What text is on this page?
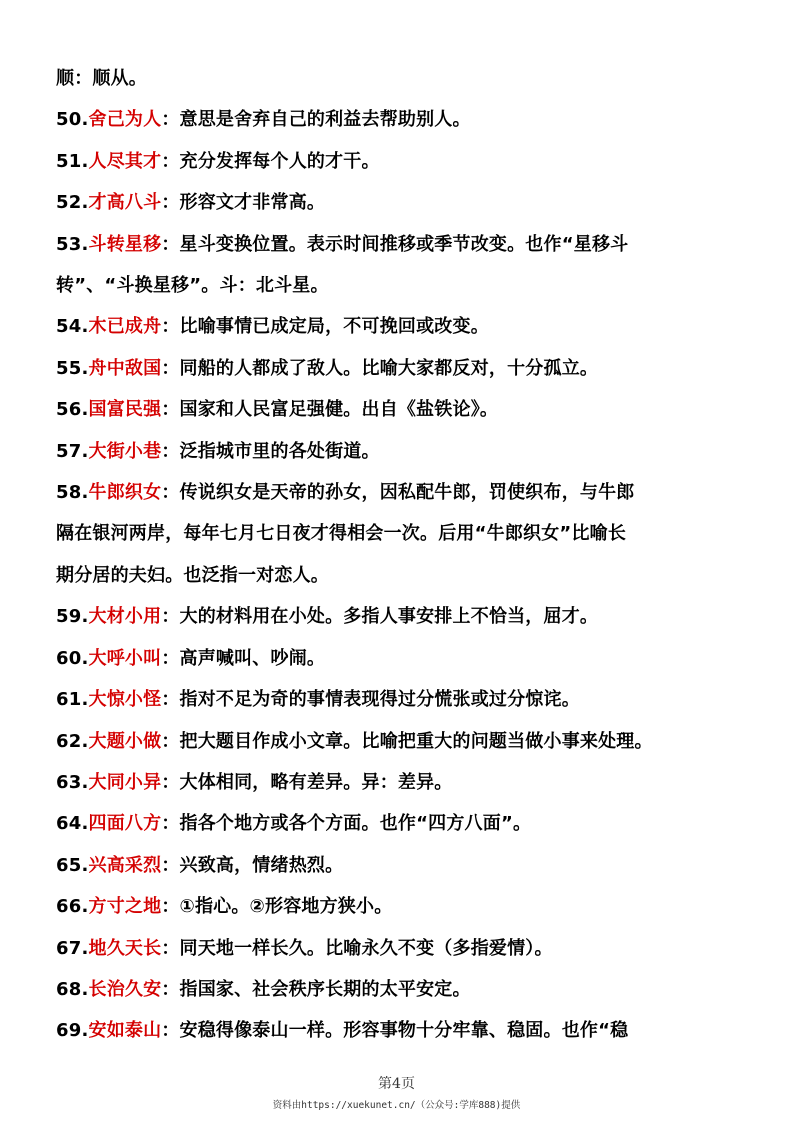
顺：顺从。
50.舍己为人：意思是舍弃自己的利益去帮助别人。
51.人尽其才：充分发挥每个人的才干。
52.才高八斗：形容文才非常高。
53.斗转星移：星斗变换位置。表示时间推移或季节改变。也作“星移斗
转”、“斗换星移”。斗：北斗星。
54.木已成舟：比喻事情已成定局，不可挽回或改变。
55.舟中敌国：同船的人都成了敌人。比喻大家都反对，十分孤立。
56.国富民强：国家和人民富足强健。出自《盐铁论》。
57.大街小巷：泛指城市里的各处街道。
58.牛郎织女：传说织女是天帝的孙女，因私配牛郎，罚使织布，与牛郎
隔在银河两岸，每年七月七日夜才得相会一次。后用“牛郎织女”比喻长
期分居的夫妇。也泛指一对恋人。
59.大材小用：大的材料用在小处。多指人事安排上不恰当，屈才。
60.大呼小叫：高声喊叫、吵闹。
61.大惊小怪：指对不足为奇的事情表现得过分慌张或过分惊诧。
62.大题小做：把大题目作成小文章。比喻把重大的问题当做小事来处理。
63.大同小异：大体相同，略有差异。异：差异。
64.四面八方：指各个地方或各个方面。也作“四方八面”。
65.兴高采烈：兴致高，情绪热烈。
66.方寸之地：①指心。②形容地方狭小。
67.地久天长：同天地一样长久。比喻永久不变（多指爱情）。
68.长治久安：指国家、社会秩序长期的太平安定。
69.安如泰山：安稳得像泰山一样。形容事物十分牢靠、稳固。也作“稳
第4页
资料由https://xuekunet.cn/（公众号:学库888)提供
